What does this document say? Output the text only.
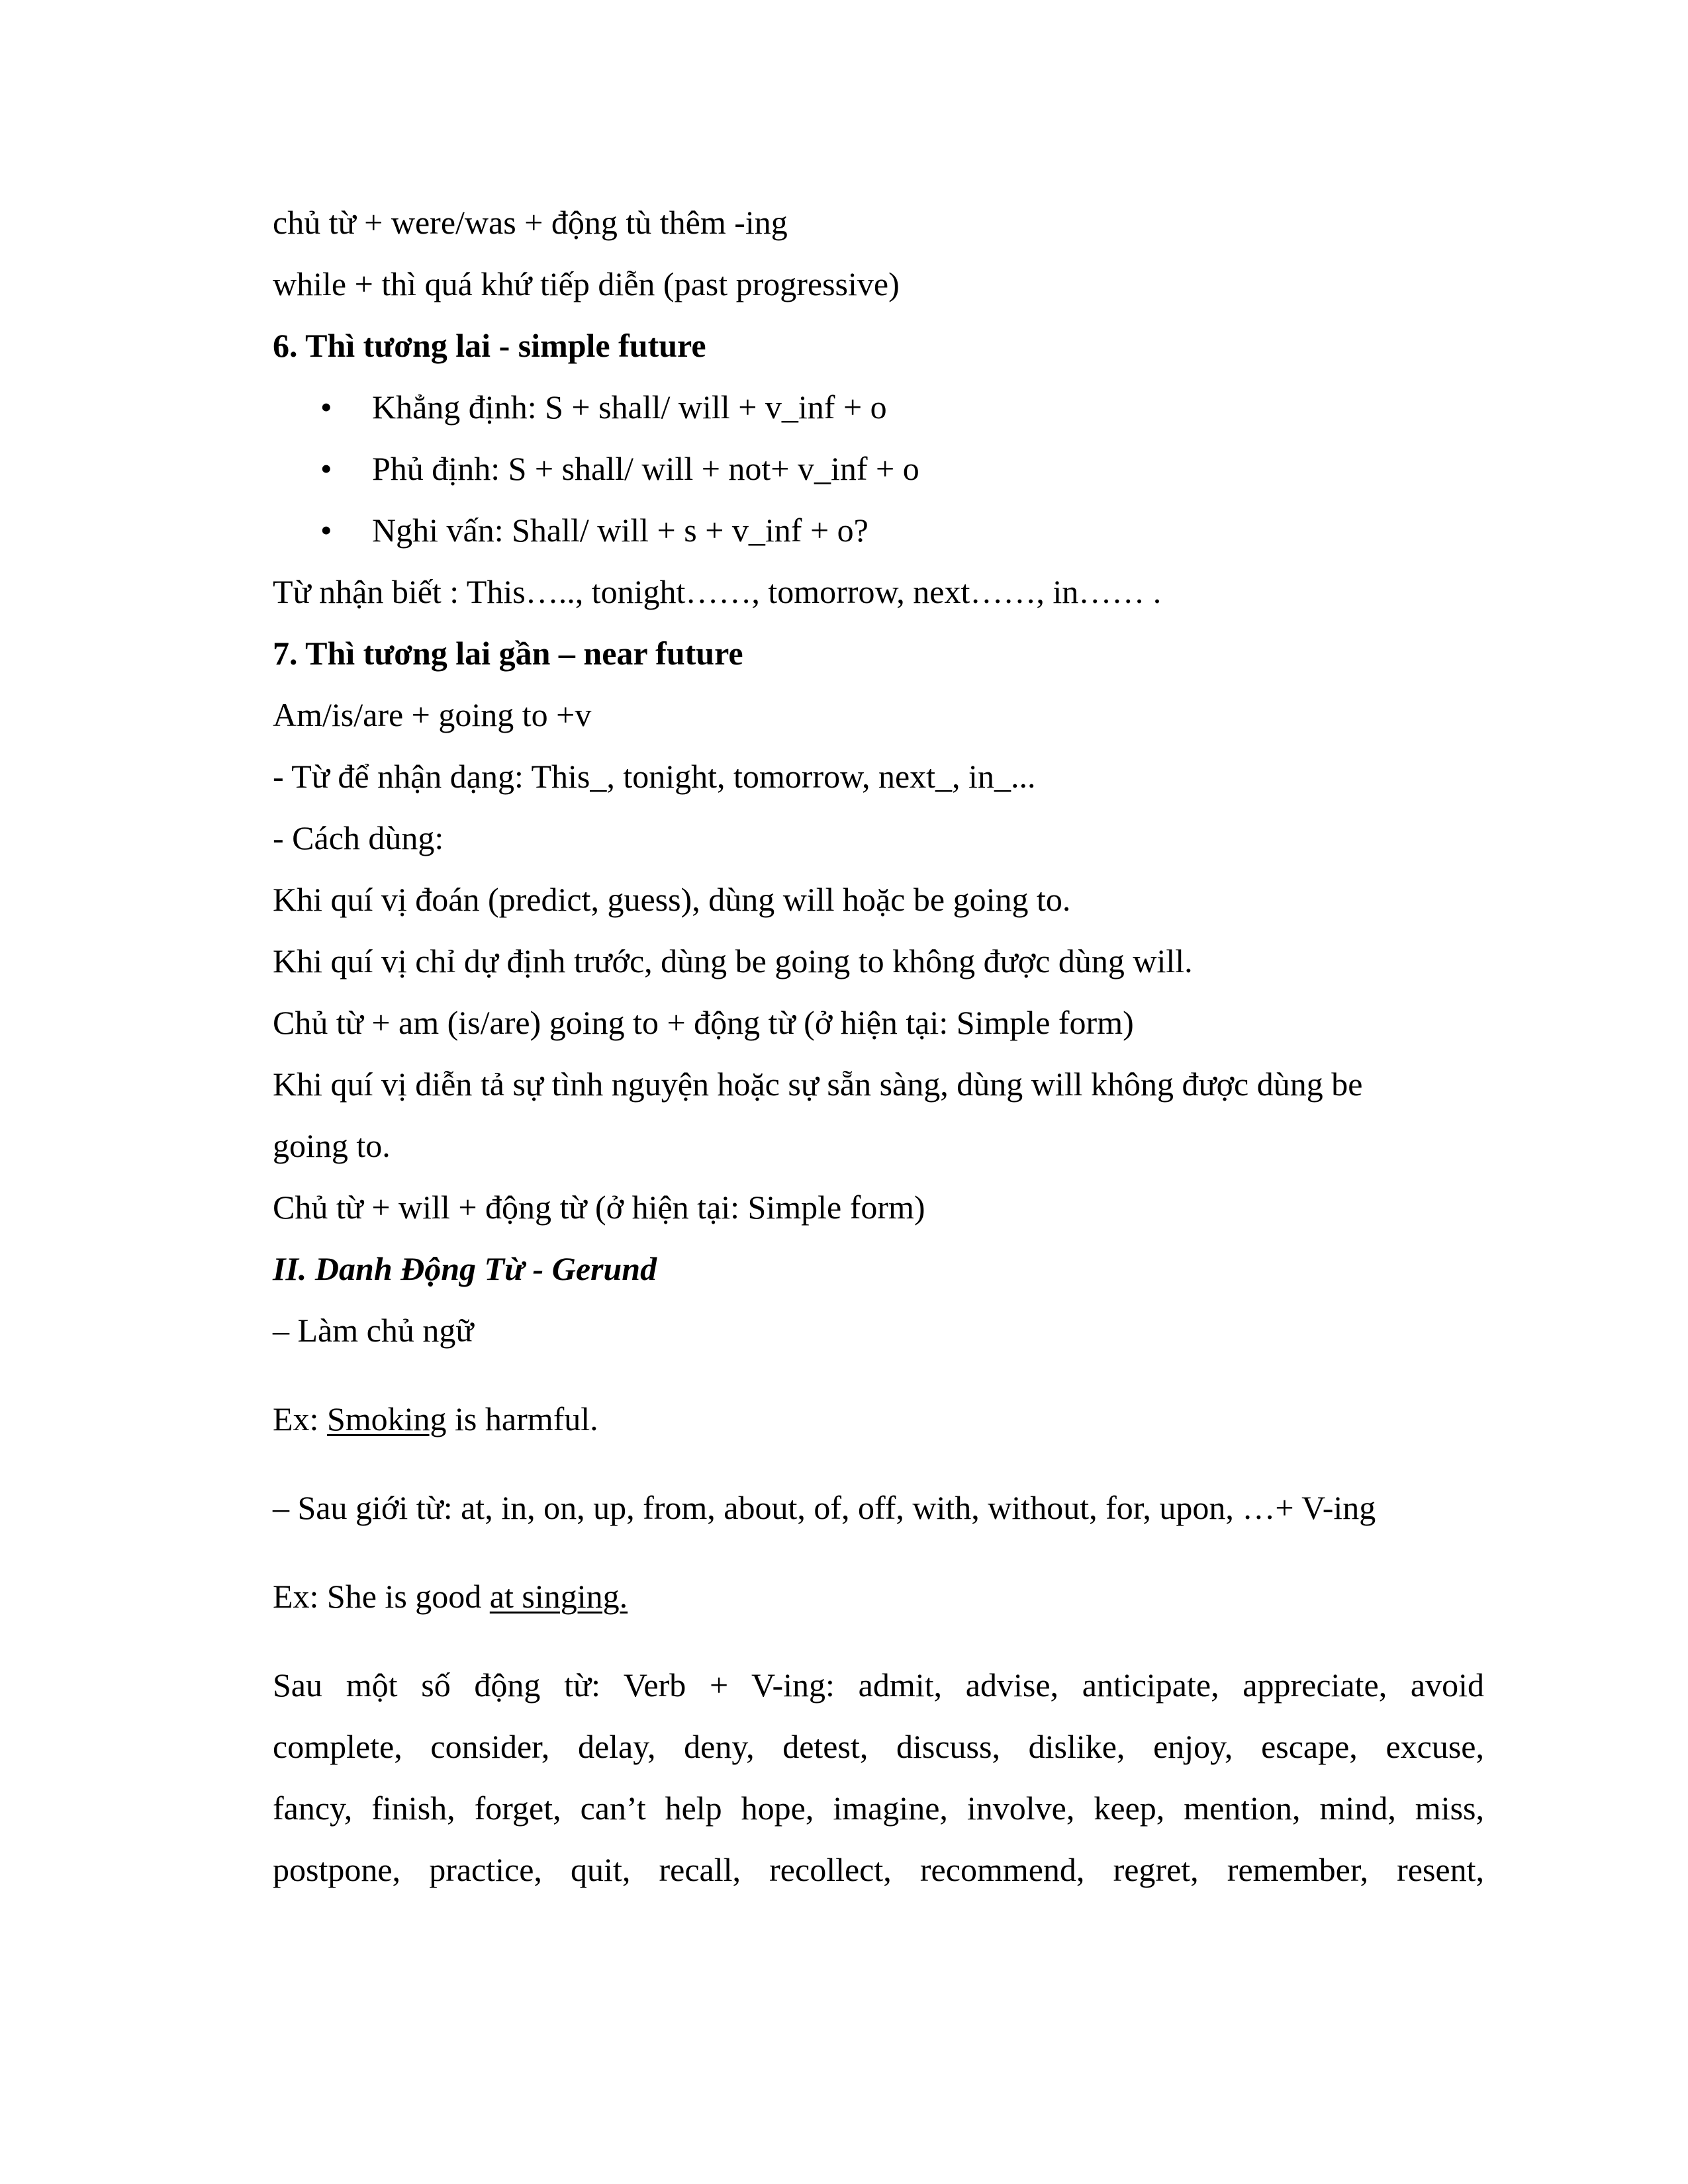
chủ từ + were/was + động tù thêm -ing
while + thì quá khứ tiếp diễn (past progressive)
6. Thì tương lai - simple future
• Khẳng định: S + shall/ will + v_inf + o
• Phủ định: S + shall/ will + not+ v_inf + o
• Nghi vấn: Shall/ will + s + v_inf + o?
Từ nhận biết : This….., tonight……, tomorrow, next……, in…… .
7. Thì tương lai gần – near future
Am/is/are + going to +v
- Từ để nhận dạng: This_, tonight, tomorrow, next_, in_...
- Cách dùng:
Khi quí vị đoán (predict, guess), dùng will hoặc be going to.
Khi quí vị chỉ dự định trước, dùng be going to không được dùng will.
Chủ từ + am (is/are) going to + động từ (ở hiện tại: Simple form)
Khi quí vị diễn tả sự tình nguyện hoặc sự sẵn sàng, dùng will không được dùng be
going to.
Chủ từ + will + động từ (ở hiện tại: Simple form)
II. Danh Động Từ - Gerund
– Làm chủ ngữ
Ex: Smoking is harmful.
– Sau giới từ: at, in, on, up, from, about, of, off, with, without, for, upon, …+ V-ing
Ex: She is good at singing.

Sau một số động từ: Verb + V-ing: admit, advise, anticipate, appreciate, avoid

complete, consider, delay, deny, detest, discuss, dislike, enjoy, escape, excuse,

fancy, finish, forget, can’t help hope, imagine, involve, keep, mention, mind, miss,

postpone, practice, quit, recall, recollect, recommend, regret, remember, resent,
